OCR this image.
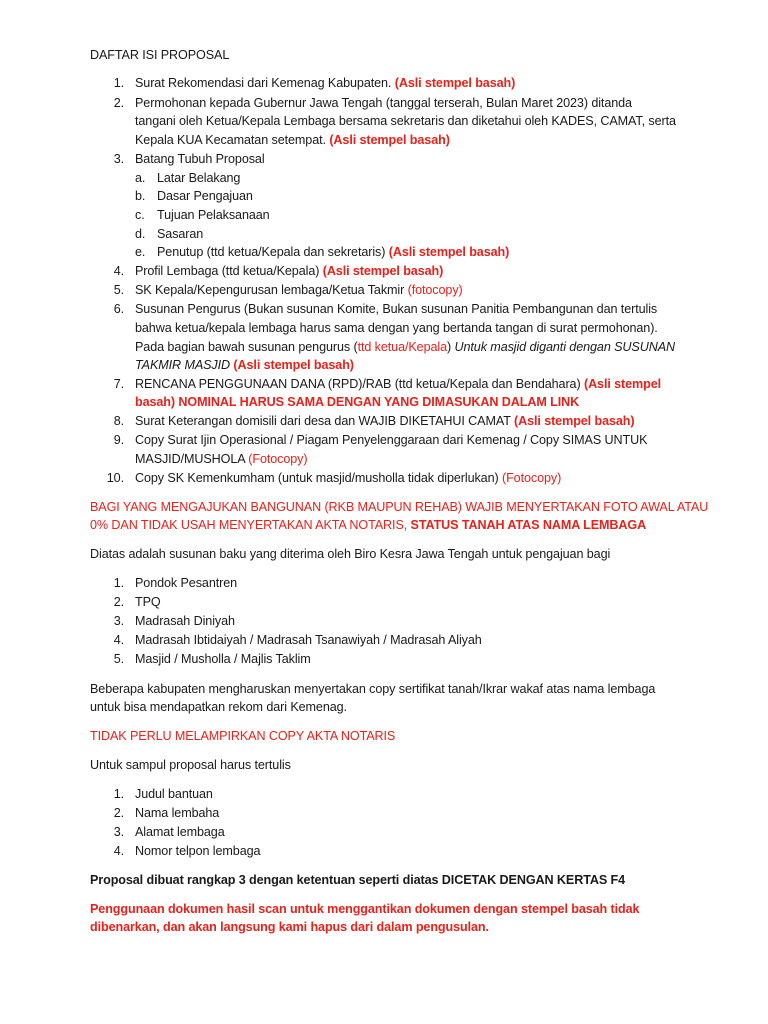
DAFTAR ISI PROPOSAL
1. Surat Rekomendasi dari Kemenag Kabupaten. (Asli stempel basah)
2. Permohonan kepada Gubernur Jawa Tengah (tanggal terserah, Bulan Maret 2023) ditanda
tangani oleh Ketua/Kepala Lembaga bersama sekretaris dan diketahui oleh KADES, CAMAT, serta
Kepala KUA Kecamatan setempat. (Asli stempel basah)
3. Batang Tubuh Proposal
a. Latar Belakang
b. Dasar Pengajuan
c. Tujuan Pelaksanaan
d. Sasaran
e. Penutup (ttd ketua/Kepala dan sekretaris) (Asli stempel basah)
4. Profil Lembaga (ttd ketua/Kepala) (Asli stempel basah)
5. SK Kepala/Kepengurusan lembaga/Ketua Takmir (fotocopy)
6. Susunan Pengurus (Bukan susunan Komite, Bukan susunan Panitia Pembangunan dan tertulis
bahwa ketua/kepala lembaga harus sama dengan yang bertanda tangan di surat permohonan).
Pada bagian bawah susunan pengurus (ttd ketua/Kepala) Untuk masjid diganti dengan SUSUNAN
TAKMIR MASJID (Asli stempel basah)
7. RENCANA PENGGUNAAN DANA (RPD)/RAB (ttd ketua/Kepala dan Bendahara) (Asli stempel
basah) NOMINAL HARUS SAMA DENGAN YANG DIMASUKAN DALAM LINK
8. Surat Keterangan domisili dari desa dan WAJIB DIKETAHUI CAMAT (Asli stempel basah)
9. Copy Surat Ijin Operasional / Piagam Penyelenggaraan dari Kemenag / Copy SIMAS UNTUK
MASJID/MUSHOLA (Fotocopy)
10. Copy SK Kemenkumham (untuk masjid/musholla tidak diperlukan) (Fotocopy)
BAGI YANG MENGAJUKAN BANGUNAN (RKB MAUPUN REHAB) WAJIB MENYERTAKAN FOTO AWAL ATAU
0% DAN TIDAK USAH MENYERTAKAN AKTA NOTARIS, STATUS TANAH ATAS NAMA LEMBAGA
Diatas adalah susunan baku yang diterima oleh Biro Kesra Jawa Tengah untuk pengajuan bagi
1. Pondok Pesantren
2. TPQ
3. Madrasah Diniyah
4. Madrasah Ibtidaiyah / Madrasah Tsanawiyah / Madrasah Aliyah
5. Masjid / Musholla / Majlis Taklim
Beberapa kabupaten mengharuskan menyertakan copy sertifikat tanah/Ikrar wakaf atas nama lembaga
untuk bisa mendapatkan rekom dari Kemenag.
TIDAK PERLU MELAMPIRKAN COPY AKTA NOTARIS
Untuk sampul proposal harus tertulis
1. Judul bantuan
2. Nama lembaha
3. Alamat lembaga
4. Nomor telpon lembaga
Proposal dibuat rangkap 3 dengan ketentuan seperti diatas DICETAK DENGAN KERTAS F4
Penggunaan dokumen hasil scan untuk menggantikan dokumen dengan stempel basah tidak
dibenarkan, dan akan langsung kami hapus dari dalam pengusulan.
